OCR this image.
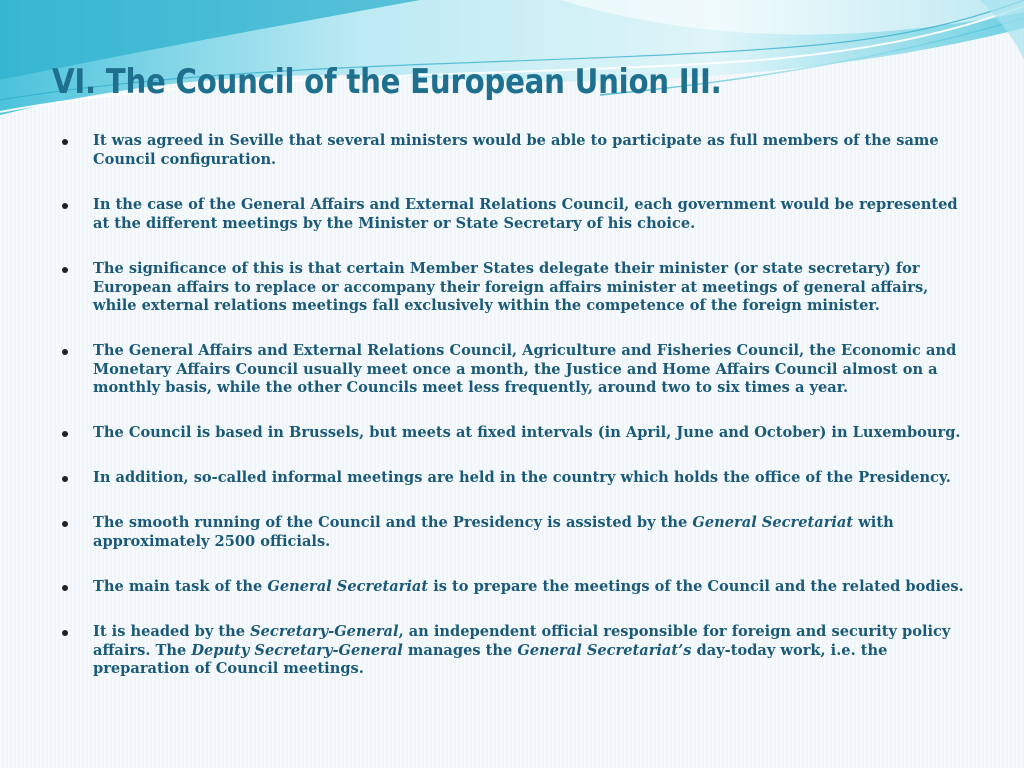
VI. The Council of the European Union III.
It was agreed in Seville that several ministers would be able to participate as full members of the same Council configuration.
In the case of the General Affairs and External Relations Council, each government would be represented at the different meetings by the Minister or State Secretary of his choice.
The significance of this is that certain Member States delegate their minister (or state secretary) for European affairs to replace or accompany their foreign affairs minister at meetings of general affairs, while external relations meetings fall exclusively within the competence of the foreign minister.
The General Affairs and External Relations Council, Agriculture and Fisheries Council, the Economic and Monetary Affairs Council usually meet once a month, the Justice and Home Affairs Council almost on a monthly basis, while the other Councils meet less frequently, around two to six times a year.
The Council is based in Brussels, but meets at fixed intervals (in April, June and October) in Luxembourg.
In addition, so-called informal meetings are held in the country which holds the office of the Presidency.
The smooth running of the Council and the Presidency is assisted by the General Secretariat with approximately 2500 officials.
The main task of the General Secretariat is to prepare the meetings of the Council and the related bodies.
It is headed by the Secretary-General, an independent official responsible for foreign and security policy affairs. The Deputy Secretary-General manages the General Secretariat’s day-today work, i.e. the preparation of Council meetings.
